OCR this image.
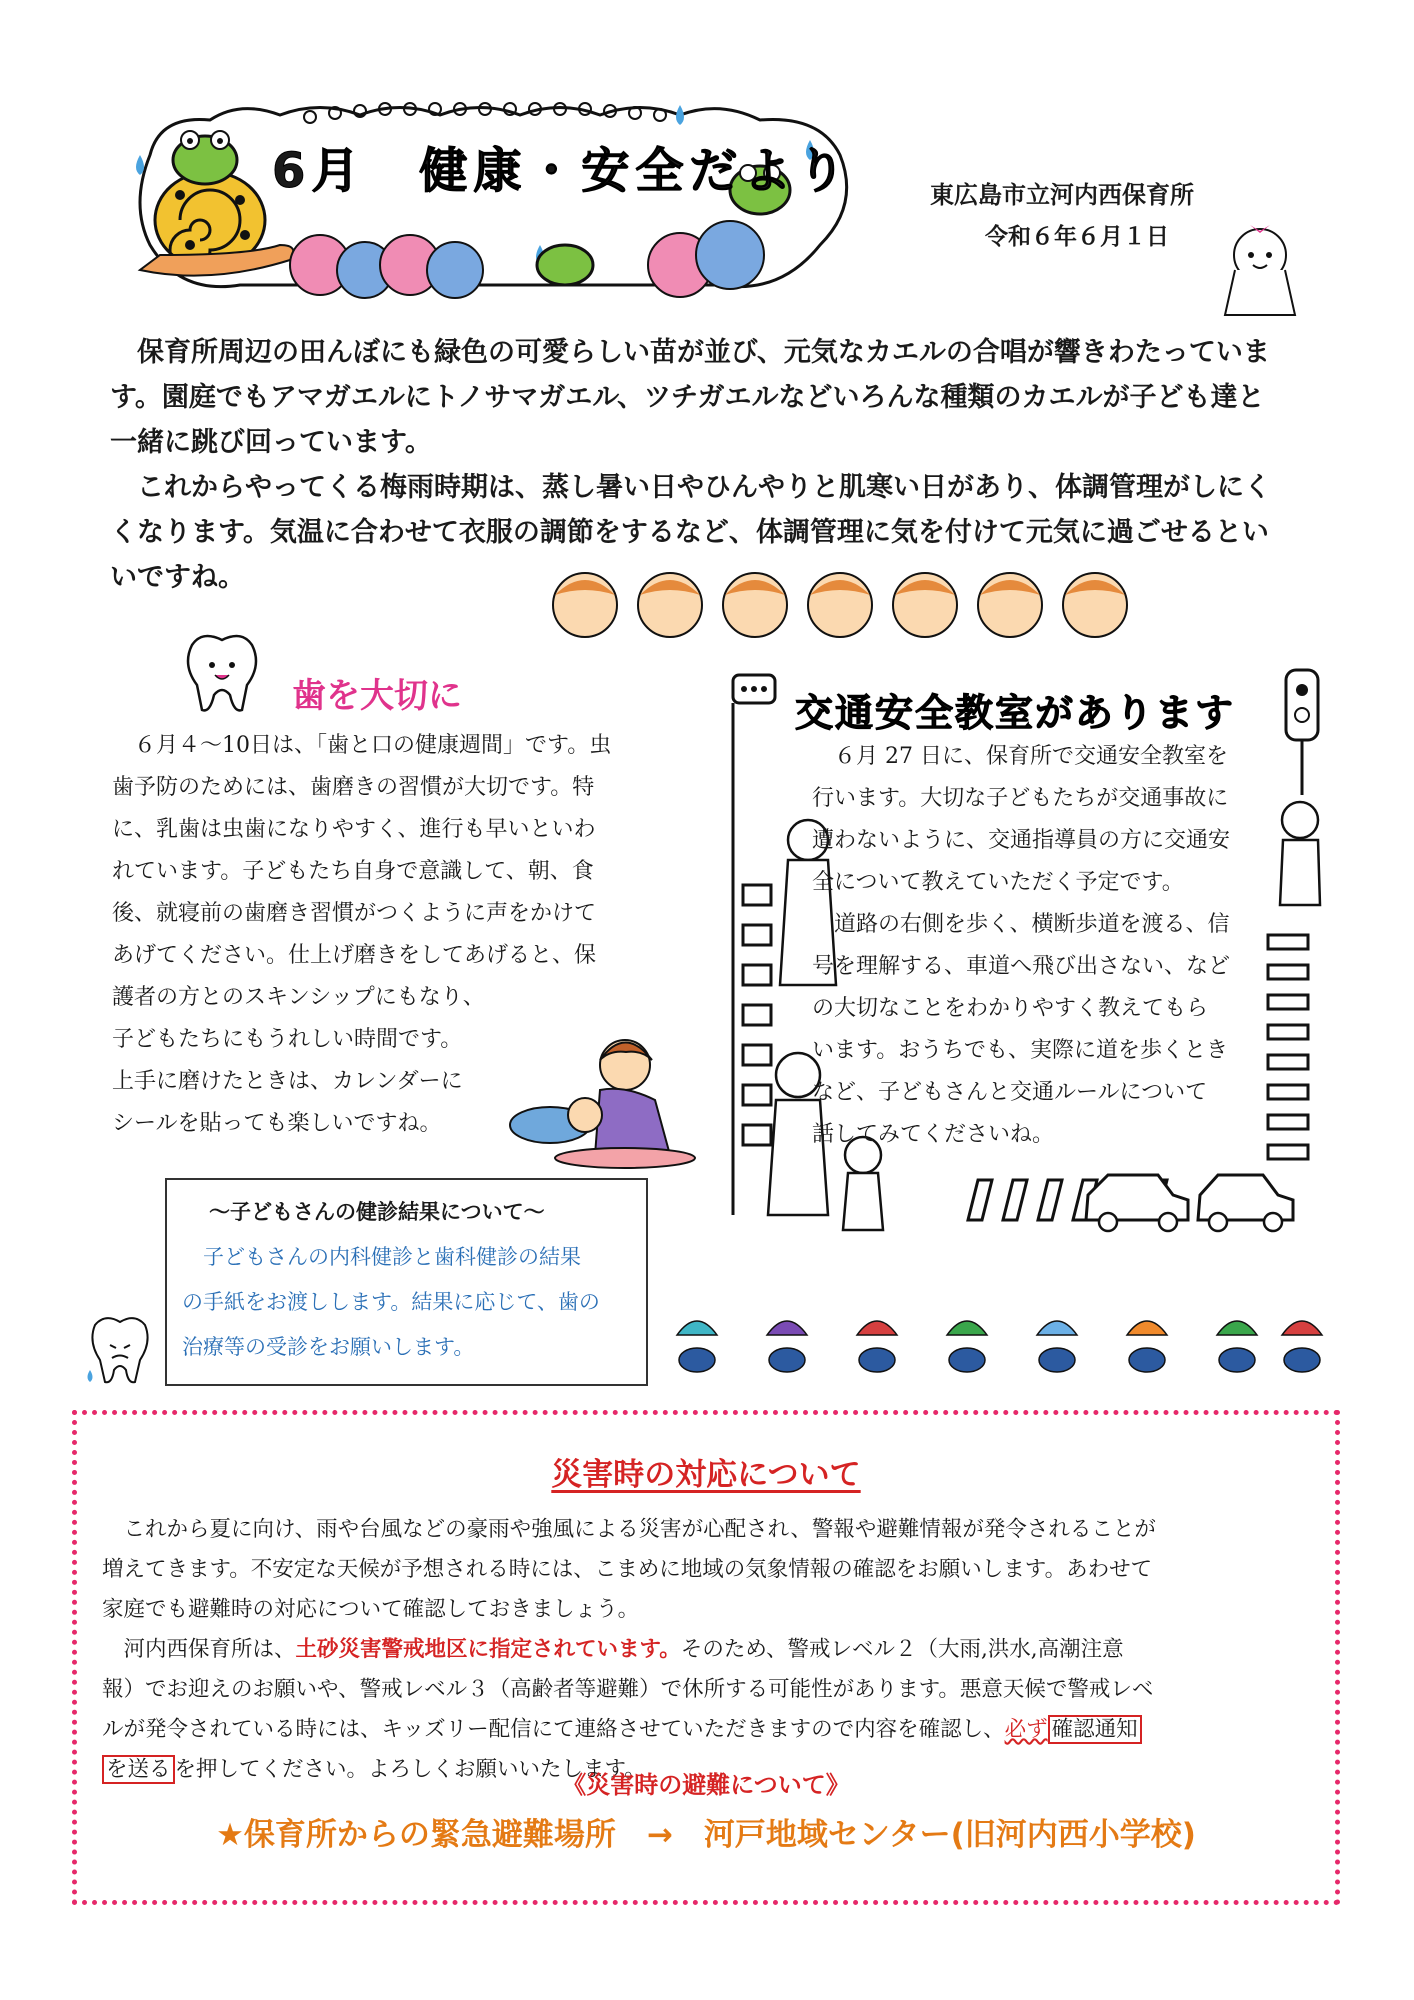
6月　健康・安全だより	東広島市立河内西保育所
令和６年６月１日

保育所周辺の田んぼにも緑色の可愛らしい苗が並び、元気なカエルの合唱が響きわたっています。園庭でもアマガエルにトノサマガエル、ツチガエルなどいろんな種類のカエルが子ども達と一緒に跳び回っています。

これからやってくる梅雨時期は、蒸し暑い日やひんやりと肌寒い日があり、体調管理がしにくくなります。気温に合わせて衣服の調節をするなど、体調管理に気を付けて元気に過ごせるといいですね。

歯を大切に
　６月４〜10日は、「歯と口の健康週間」です。虫
歯予防のためには、歯磨きの習慣が大切です。特
に、乳歯は虫歯になりやすく、進行も早いといわ
れています。子どもたち自身で意識して、朝、食
後、就寝前の歯磨き習慣がつくように声をかけて
あげてください。仕上げ磨きをしてあげると、保
護者の方とのスキンシップにもなり、
子どもたちにもうれしい時間です。
上手に磨けたときは、カレンダーに
シールを貼っても楽しいですね。
〜子どもさんの健診結果について〜
　子どもさんの内科健診と歯科健診の結果
の手紙をお渡しします。結果に応じて、歯の
治療等の受診をお願いします。
交通安全教室があります
　６月 27 日に、保育所で交通安全教室を
行います。大切な子どもたちが交通事故に
遭わないように、交通指導員の方に交通安
全について教えていただく予定です。
　道路の右側を歩く、横断歩道を渡る、信
号を理解する、車道へ飛び出さない、など
の大切なことをわかりやすく教えてもら
います。おうちでも、実際に道を歩くとき
など、子どもさんと交通ルールについて
話してみてくださいね。
災害時の対応について
　これから夏に向け、雨や台風などの豪雨や強風による災害が心配され、警報や避難情報が発令されることが
増えてきます。不安定な天候が予想される時には、こまめに地域の気象情報の確認をお願いします。あわせて
家庭でも避難時の対応について確認しておきましょう。
　河内西保育所は、土砂災害警戒地区に指定されています。そのため、警戒レベル２（大雨,洪水,高潮注意
報）でお迎えのお願いや、警戒レベル３（高齢者等避難）で休所する可能性があります。悪意天候で警戒レベ
ルが発令されている時には、キッズリー配信にて連絡させていただきますので内容を確認し、必ず 確認通知
を送る を押してください。よろしくお願いいたします。
《災害時の避難について》
★保育所からの緊急避難場所　→　河戸地域センター(旧河内西小学校)
